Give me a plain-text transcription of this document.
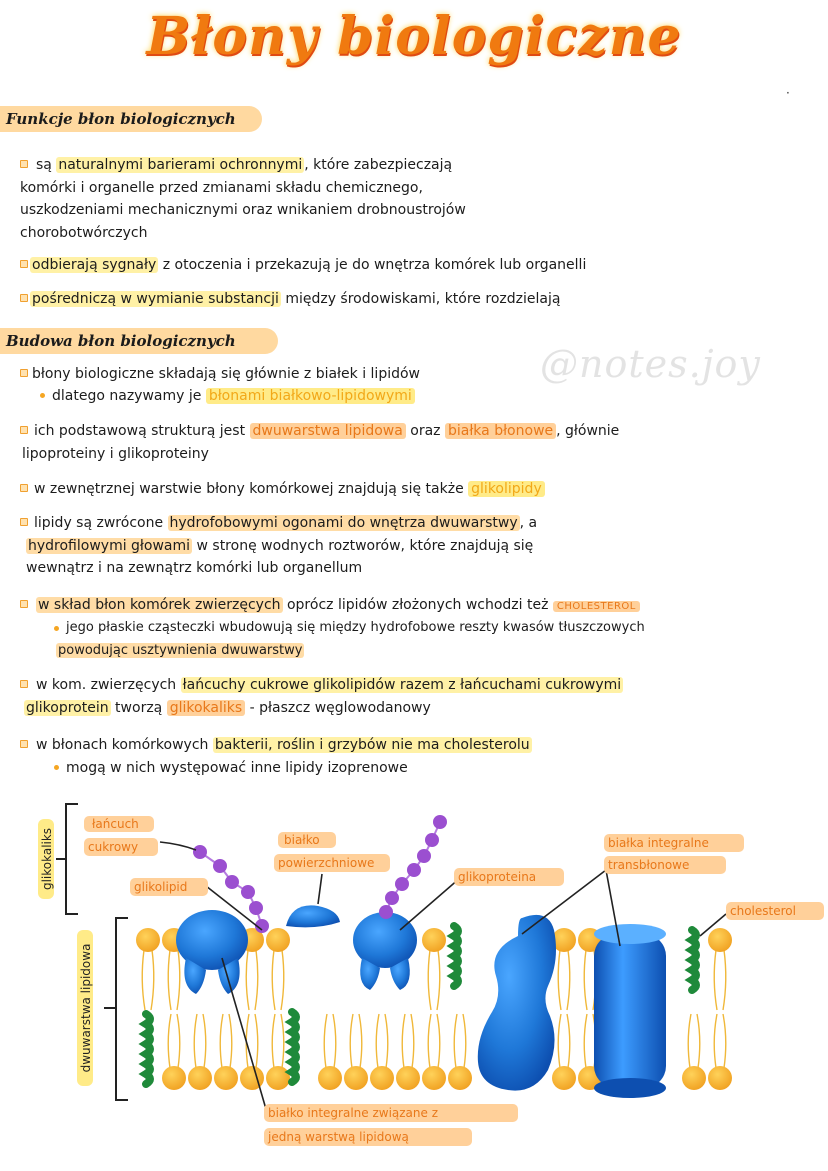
Błony biologiczne
·
Funkcje błon biologicznych
są naturalnymi barierami ochronnymi , które zabezpieczają
komórki i organelle przed zmianami składu chemicznego,
uszkodzeniami mechanicznymi oraz wnikaniem drobnoustrojów
chorobotwórczych
odbierają sygnały z otoczenia i przekazują je do wnętrza komórek lub organelli
pośredniczą w wymianie substancji między środowiskami, które rozdzielają
Budowa błon biologicznych
@notes.joy
błony biologiczne składają się głównie z białek i lipidów
dlatego nazywamy je błonami białkowo-lipidowymi
ich podstawową strukturą jest dwuwarstwa lipidowa oraz białka błonowe , głównie
lipoproteiny i glikoproteiny
w zewnętrznej warstwie błony komórkowej znajdują się także glikolipidy
lipidy są zwrócone hydrofobowymi ogonami do wnętrza dwuwarstwy , a
hydrofilowymi głowami w stronę wodnych roztworów, które znajdują się
wewnątrz i na zewnątrz komórki lub organellum
w skład błon komórek zwierzęcych oprócz lipidów złożonych wchodzi też CHOLESTEROL
jego płaskie cząsteczki wbudowują się między hydrofobowe reszty kwasów tłuszczowych
powodując usztywnienia dwuwarstwy
w kom. zwierzęcych łańcuchy cukrowe glikolipidów razem z łańcuchami cukrowymi
glikoprotein tworzą glikokaliks - płaszcz węglowodanowy
w błonach komórkowych bakterii, roślin i grzybów nie ma cholesterolu
mogą w nich występować inne lipidy izoprenowe
glikokaliks
dwuwarstwa lipidowa
łańcuch
cukrowy	białko
powierzchniowe
glikolipid
glikoproteina
białka integralne
transbłonowe
cholesterol
białko integralne związane z
jedną warstwą lipidową
